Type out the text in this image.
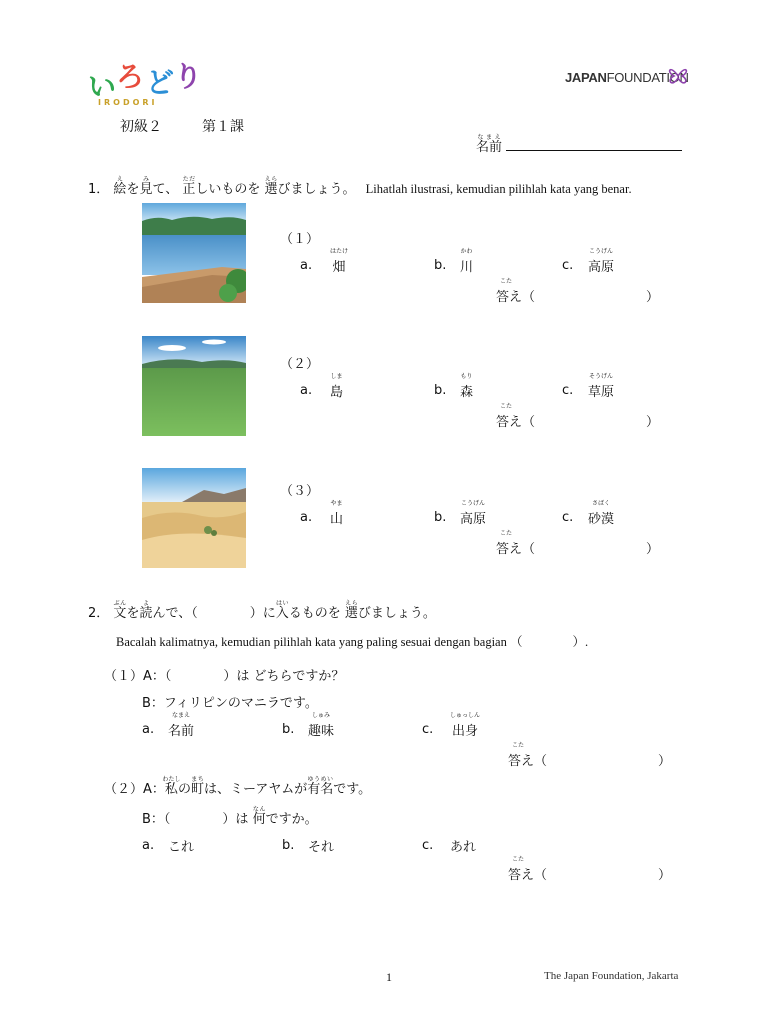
い ろ ど り
IRODORI
JAPANFOUNDATION
初級２	第１課
名前なまえ
1． 絵えを見みて、 正ただしいものを 選えらびましょう。 Lihatlah ilustrasi, kemudian pilihlah kata yang benar.
（１）
a.
はたけ
畑	b.
かわ
川	c.
こうげん
高原
こた
答え（	）
（２）
a.
しま
島	b.
もり
森	c.
そうげん
草原
こた
答え（	）
（３）
a.
やま
山	b.
こうげん
高原	c.
さばく
砂漠
こた
答え（	）
2． 文ぶんを読よんで、（　　　　）に入はいるものを 選えらびましょう。
Bacalah kalimatnya, kemudian pilihlah kata yang paling sesuai dengan bagian （　　　　）.
（１）A：（　　　　）は どちらですか？
B：フィリピンのマニラです。
a.
なまえ
名前	b.
しゅみ
趣味	c.
しゅっしん
出身
こた
答え（	）
（２）A：私わたしの町まちは、ミーアヤムが有名ゆうめいです。
B：（　　　　）は 何なんですか。
a. これ	b. それ	c. あれ
こた
答え（	）
1	The Japan Foundation, Jakarta
